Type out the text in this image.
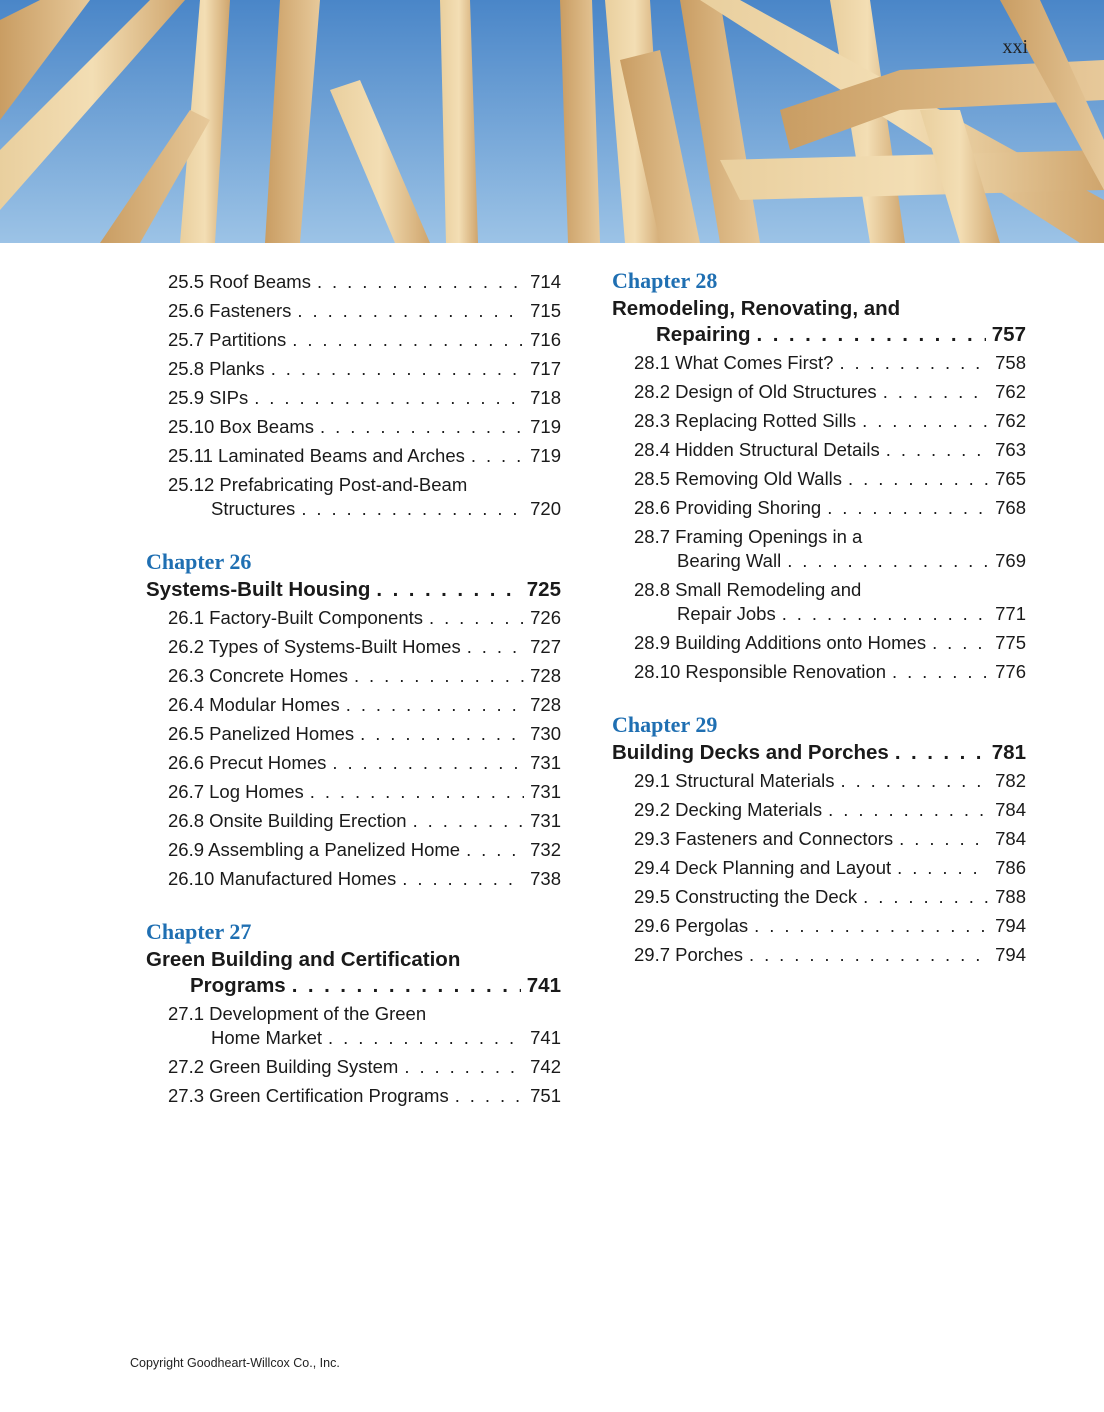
xxi
25.5 Roof Beams . . .	714
25.6 Fasteners . . .	715
25.7 Partitions . . .	716
25.8 Planks . . .	717
25.9 SIPs . . .	718
25.10 Box Beams . . .	719
25.11 Laminated Beams and Arches . . .	719
25.12 Prefabricating Post-and-Beam
Structures . . .	720
Chapter 26
Systems-Built Housing . . .	725
26.1 Factory-Built Components . . .	726
26.2 Types of Systems-Built Homes . . .	727
26.3 Concrete Homes . . .	728
26.4 Modular Homes . . .	728
26.5 Panelized Homes . . .	730
26.6 Precut Homes . . .	731
26.7 Log Homes . . .	731
26.8 Onsite Building Erection . . .	731
26.9 Assembling a Panelized Home . . .	732
26.10 Manufactured Homes . . .	738
Chapter 27
Green Building and Certification
Programs . . .	741
27.1 Development of the Green
Home Market . . .	741
27.2 Green Building System . . .	742
27.3 Green Certification Programs . . .	751
Chapter 28
Remodeling, Renovating, and
Repairing . . .	757
28.1 What Comes First? . . .	758
28.2 Design of Old Structures . . .	762
28.3 Replacing Rotted Sills . . .	762
28.4 Hidden Structural Details . . .	763
28.5 Removing Old Walls . . .	765
28.6 Providing Shoring . . .	768
28.7 Framing Openings in a
Bearing Wall . . .	769
28.8 Small Remodeling and
Repair Jobs . . .	771
28.9 Building Additions onto Homes . . .	775
28.10 Responsible Renovation . . .	776
Chapter 29
Building Decks and Porches . . .	781
29.1 Structural Materials . . .	782
29.2 Decking Materials . . .	784
29.3 Fasteners and Connectors . . .	784
29.4 Deck Planning and Layout . . .	786
29.5 Constructing the Deck . . .	788
29.6 Pergolas . . .	794
29.7 Porches . . .	794
Copyright Goodheart-Willcox Co., Inc.
